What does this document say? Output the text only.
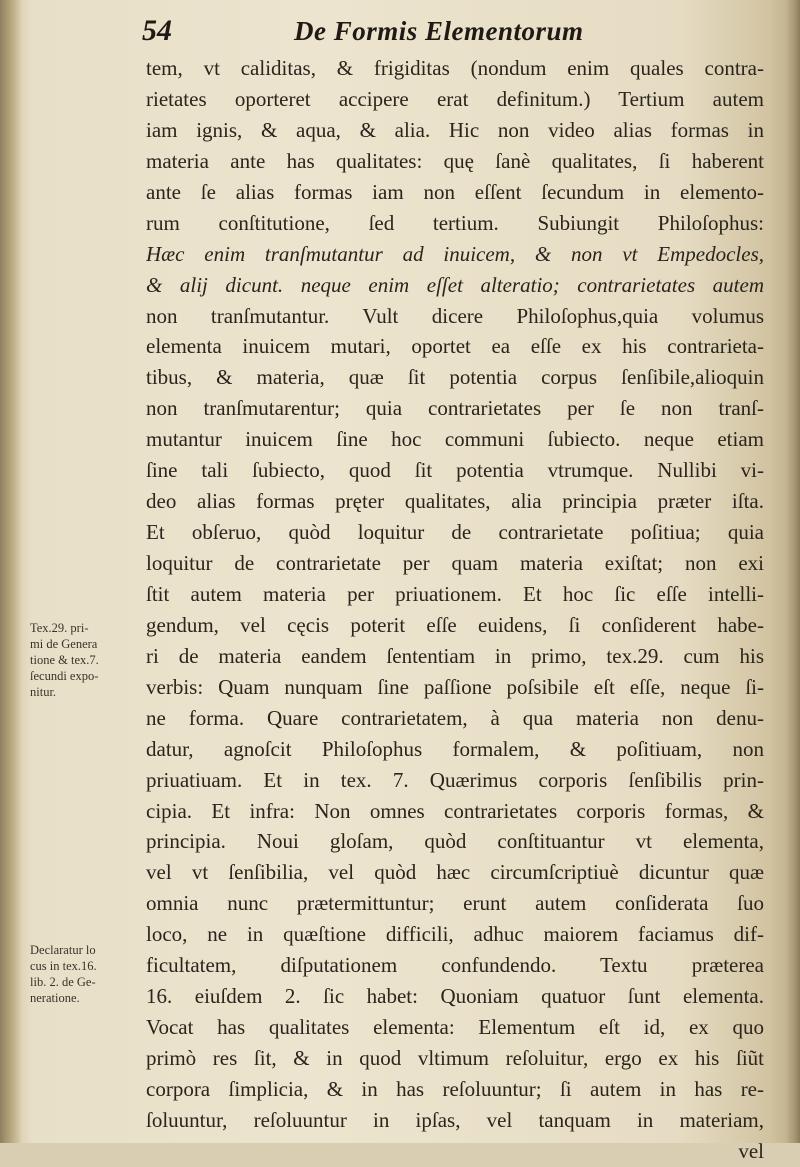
54	De Formis Elementorum
tem, vt caliditas, & frigiditas (nondum enim quales contra-
rietates oporteret accipere erat definitum.) Tertium autem
iam ignis, & aqua, & alia. Hic non video alias formas in
materia ante has qualitates: quę ſanè qualitates, ſi haberent
ante ſe alias formas iam non eſſent ſecundum in elemento-
rum conſtitutione, ſed tertium. Subiungit Philoſophus:
Hæc enim tranſmutantur ad inuicem, & non vt Empedocles,
& alij dicunt. neque enim eſſet alteratio; contrarietates autem
non tranſmutantur. Vult dicere Philoſophus,quia volumus
elementa inuicem mutari, oportet ea eſſe ex his contrarieta-
tibus, & materia, quæ ſit potentia corpus ſenſibile,alioquin
non tranſmutarentur; quia contrarietates per ſe non tranſ-
mutantur inuicem ſine hoc communi ſubiecto. neque etiam
ſine tali ſubiecto, quod ſit potentia vtrumque. Nullibi vi-
deo alias formas pręter qualitates, alia principia præter iſta.
Et obſeruo, quòd loquitur de contrarietate poſitiua; quia
loquitur de contrarietate per quam materia exiſtat; non exi
ſtit autem materia per priuationem. Et hoc ſic eſſe intelli-
gendum, vel cęcis poterit eſſe euidens, ſi conſiderent habe-
ri de materia eandem ſententiam in primo, tex.29. cum his
verbis: Quam nunquam ſine paſſione poſsibile eſt eſſe, neque ſi-
ne forma. Quare contrarietatem, à qua materia non denu-
datur, agnoſcit Philoſophus formalem, & poſitiuam, non
priuatiuam. Et in tex. 7. Quærimus corporis ſenſibilis prin-
cipia. Et infra: Non omnes contrarietates corporis formas, &
principia. Noui gloſam, quòd conſtituantur vt elementa,
vel vt ſenſibilia, vel quòd hæc circumſcriptiuè dicuntur quæ
omnia nunc prætermittuntur; erunt autem conſiderata ſuo
loco, ne in quæſtione difficili, adhuc maiorem faciamus dif-
ficultatem, diſputationem confundendo. Textu præterea
16. eiuſdem 2. ſic habet: Quoniam quatuor ſunt elementa.
Vocat has qualitates elementa: Elementum eſt id, ex quo
primò res ſit, & in quod vltimum reſoluitur, ergo ex his ſiũt
corpora ſimplicia, & in has reſoluuntur; ſi autem in has re-
ſoluuntur, reſoluuntur in ipſas, vel tanquam in materiam,
vel
Tex.29. pri-
mi de Genera
tione & tex.7.
ſecundi expo-
nitur.
Declaratur lo
cus in tex.16.
lib. 2. de Ge-
neratione.
